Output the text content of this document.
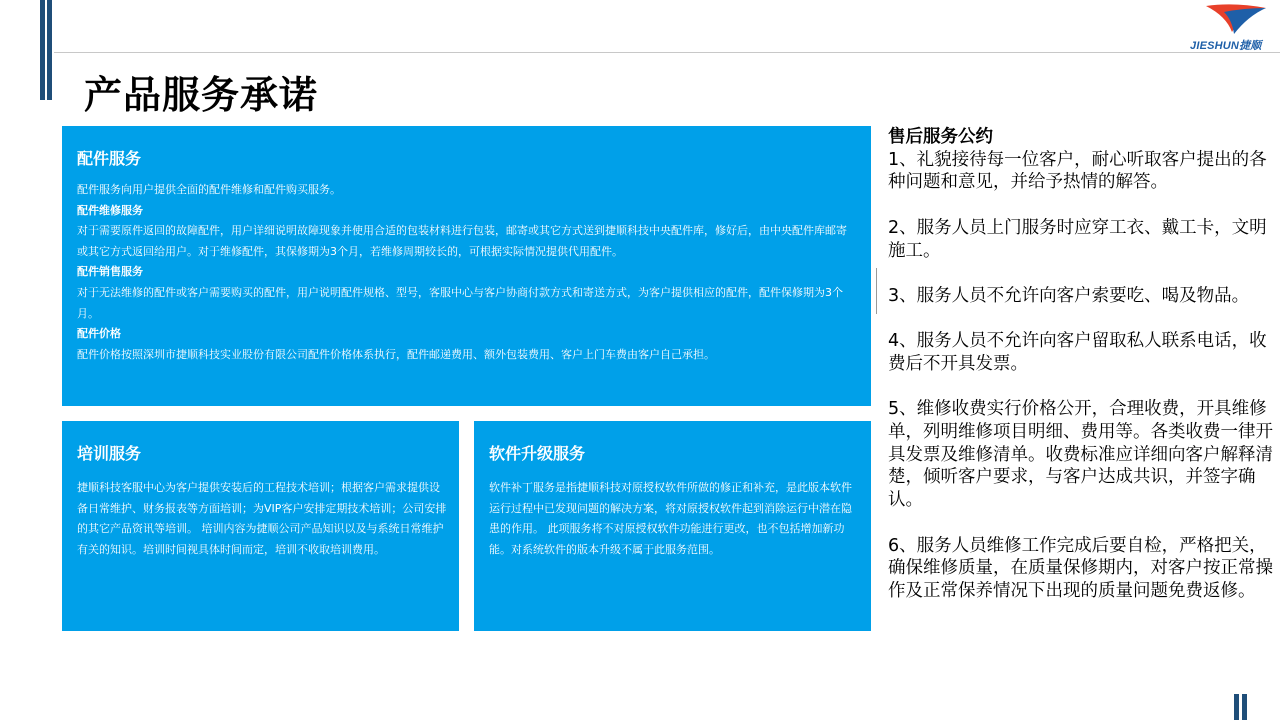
JIESHUN捷顺
产品服务承诺
配件服务
配件服务向用户提供全面的配件维修和配件购买服务。
配件维修服务
对于需要原件返回的故障配件，用户详细说明故障现象并使用合适的包装材料进行包装，邮寄或其它方式送到捷顺科技中央配件库，修好后，由中央配件库邮寄或其它方式返回给用户。对于维修配件，其保修期为3个月，若维修周期较长的，可根据实际情况提供代用配件。
配件销售服务
对于无法维修的配件或客户需要购买的配件，用户说明配件规格、型号，客服中心与客户协商付款方式和寄送方式，为客户提供相应的配件，配件保修期为3个月。
配件价格
配件价格按照深圳市捷顺科技实业股份有限公司配件价格体系执行，配件邮递费用、额外包装费用、客户上门车费由客户自己承担。
培训服务
捷顺科技客服中心为客户提供安装后的工程技术培训；根据客户需求提供设备日常维护、财务报表等方面培训；为VIP客户安排定期技术培训；公司安排的其它产品资讯等培训。 培训内容为捷顺公司产品知识以及与系统日常维护有关的知识。培训时间视具体时间而定，培训不收取培训费用。
软件升级服务
软件补丁服务是指捷顺科技对原授权软件所做的修正和补充，是此版本软件运行过程中已发现问题的解决方案，将对原授权软件起到消除运行中潜在隐患的作用。 此项服务将不对原授权软件功能进行更改，也不包括增加新功能。对系统软件的版本升级不属于此服务范围。
售后服务公约
1、礼貌接待每一位客户，耐心听取客户提出的各种问题和意见，并给予热情的解答。
2、服务人员上门服务时应穿工衣、戴工卡，文明施工。
3、服务人员不允许向客户索要吃、喝及物品。
4、服务人员不允许向客户留取私人联系电话，收费后不开具发票。
5、维修收费实行价格公开，合理收费，开具维修单，列明维修项目明细、费用等。各类收费一律开具发票及维修清单。收费标准应详细向客户解释清楚，倾听客户要求，与客户达成共识，并签字确认。
6、服务人员维修工作完成后要自检，严格把关，确保维修质量，在质量保修期内，对客户按正常操作及正常保养情况下出现的质量问题免费返修。
